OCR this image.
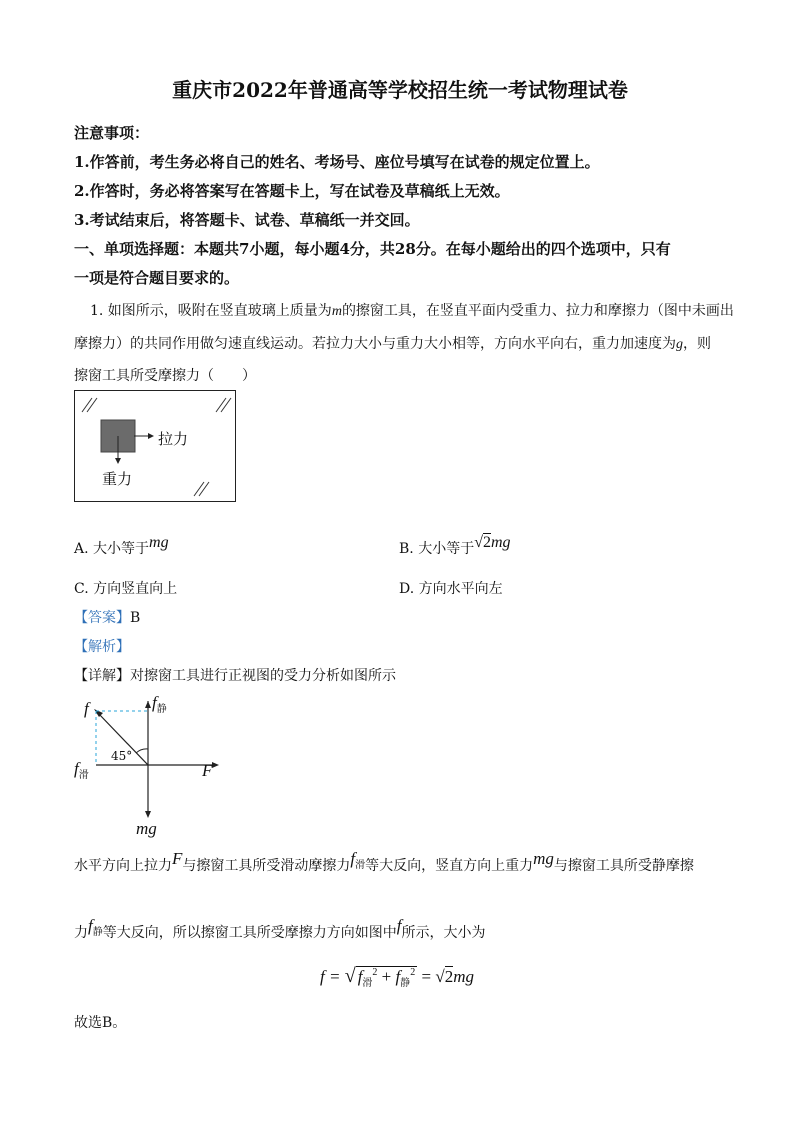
重庆市2022年普通高等学校招生统一考试物理试卷
注意事项：
1.作答前，考生务必将自己的姓名、考场号、座位号填写在试卷的规定位置上。
2.作答时，务必将答案写在答题卡上，写在试卷及草稿纸上无效。
3.考试结束后，将答题卡、试卷、草稿纸一并交回。
一、单项选择题：本题共7小题，每小题4分，共28分。在每小题给出的四个选项中，只有
一项是符合题目要求的。
1. 如图所示，吸附在竖直玻璃上质量为m的擦窗工具，在竖直平面内受重力、拉力和摩擦力（图中未画出
摩擦力）的共同作用做匀速直线运动。若拉力大小与重力大小相等，方向水平向右，重力加速度为g，则
擦窗工具所受摩擦力（　　）
拉力
重力
A. 大小等于mg	B. 大小等于√2mg
C. 方向竖直向上	D. 方向水平向左
【答案】B
【解析】
【详解】对擦窗工具进行正视图的受力分析如图所示
f	$f_静$
$f_滑$
45°
F
mg
水平方向上拉力F与擦窗工具所受滑动摩擦力f滑等大反向，竖直方向上重力mg与擦窗工具所受静摩擦
力f静等大反向，所以擦窗工具所受摩擦力方向如图中f所示，大小为
f = √ $f_滑^2 + f_静^2 = √2mg$
故选B。
